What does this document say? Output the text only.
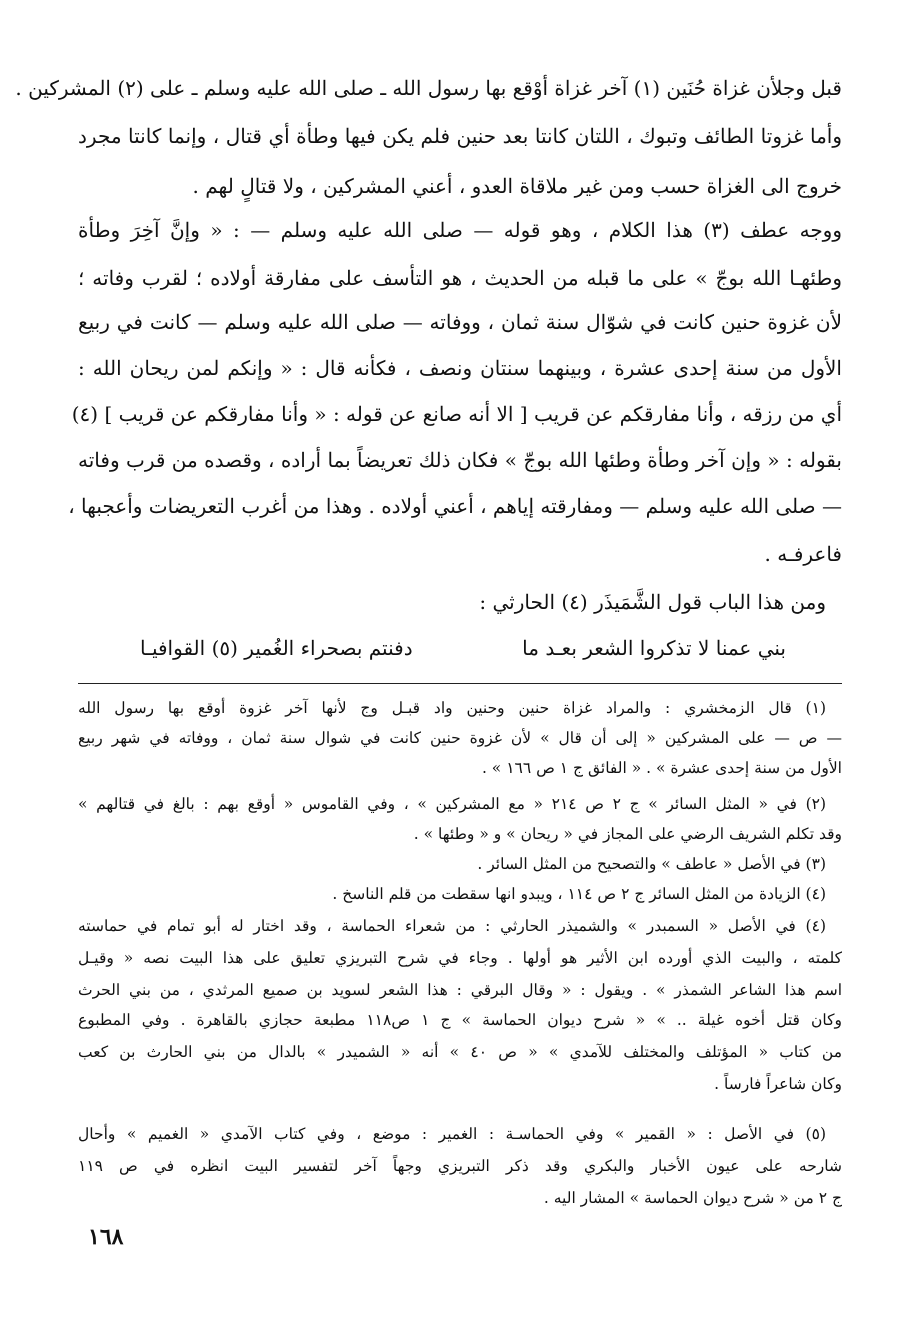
قبل وجلأن غزاة حُنَين (١) آخر غزاة أوْقع بها رسول الله ـ صلى الله عليه وسلم ـ على (٢) المشركين .
وأما غزوتا الطائف وتبوك ، اللتان كانتا بعد حنين فلم يكن فيها وطأة أي قتال ، وإنما كانتا مجرد
خروج الى الغزاة حسب ومن غير ملاقاة العدو ، أعني المشركين ، ولا قتالٍ لهم .
ووجه عطف (٣) هذا الكلام ، وهو قوله — صلى الله عليه وسلم — : « وإنَّ آخِرَ وطأة
وطئهـا الله بوجّ » على ما قبله من الحديث ، هو التأسف على مفارقة أولاده ؛ لقرب وفاته ؛
لأن غزوة حنين كانت في شوّال سنة ثمان ، ووفاته — صلى الله عليه وسلم — كانت في ربيع
الأول من سنة إحدى عشرة ، وبينهما سنتان ونصف ، فكأنه قال : « وإنكم لمن ريحان الله :
أي من رزقه ، وأنا مفارقكم عن قريب [ الا أنه صانع عن قوله : « وأنا مفارقكم عن قريب ] (٤)
بقوله : « وإن آخر وطأة وطئها الله بوجّ » فكان ذلك تعريضاً بما أراده ، وقصده من قرب وفاته
— صلى الله عليه وسلم — ومفارقته إياهم ، أعني أولاده . وهذا من أغرب التعريضات وأعجبها ،
فاعرفـه .
ومن هذا الباب قول الشَّمَيذَر (٤) الحارثي :
بني عمنا لا تذكروا الشعر بعـد ما
دفنتم بصحراء الغُمير (٥) القوافيـا
(١) قال الزمخشري : والمراد غزاة حنين وحنين واد قبـل وج لأنها آخر غزوة أوقع بها رسول الله
— ص — على المشركين « إلى أن قال » لأن غزوة حنين كانت في شوال سنة ثمان ، ووفاته في شهر ربيع
الأول من سنة إحدى عشرة » . « الفائق ج ١ ص ١٦٦ » .
(٢) في « المثل السائر » ج ٢ ص ٢١٤ « مع المشركين » ، وفي القاموس « أوقع بهم : بالغ في قتالهم »
وقد تكلم الشريف الرضي على المجاز في « ريحان » و « وطئها » .
(٣) في الأصل « عاطف » والتصحيح من المثل السائر .
(٤) الزيادة من المثل السائر ج ٢ ص ١١٤ ، ويبدو انها سقطت من قلم الناسخ .
(٤) في الأصل « السمبدر » والشميذر الحارثي : من شعراء الحماسة ، وقد اختار له أبو تمام في حماسته
كلمته ، والبيت الذي أورده ابن الأثير هو أولها . وجاء في شرح التبريزي تعليق على هذا البيت نصه « وقيـل
اسم هذا الشاعر الشمذر » . ويقول : « وقال البرقي : هذا الشعر لسويد بن صميع المرثدي ، من بني الحرث
وكان قتل أخوه غيلة .. » « شرح ديوان الحماسة » ج ١ ص١١٨ مطبعة حجازي بالقاهرة . وفي المطبوع
من كتاب « المؤتلف والمختلف للآمدي » « ص ٤٠ » أنه « الشميدر » بالدال من بني الحارث بن كعب
وكان شاعراً فارساً .
(٥) في الأصل : « القمير » وفي الحماسـة : الغمير : موضع ، وفي كتاب الآمدي « الغميم » وأحال
شارحه على عيون الأخبار والبكري وقد ذكر التبريزي وجهاً آخر لتفسير البيت انظره في ص ١١٩
ج ٢ من « شرح ديوان الحماسة » المشار اليه .
١٦٨
